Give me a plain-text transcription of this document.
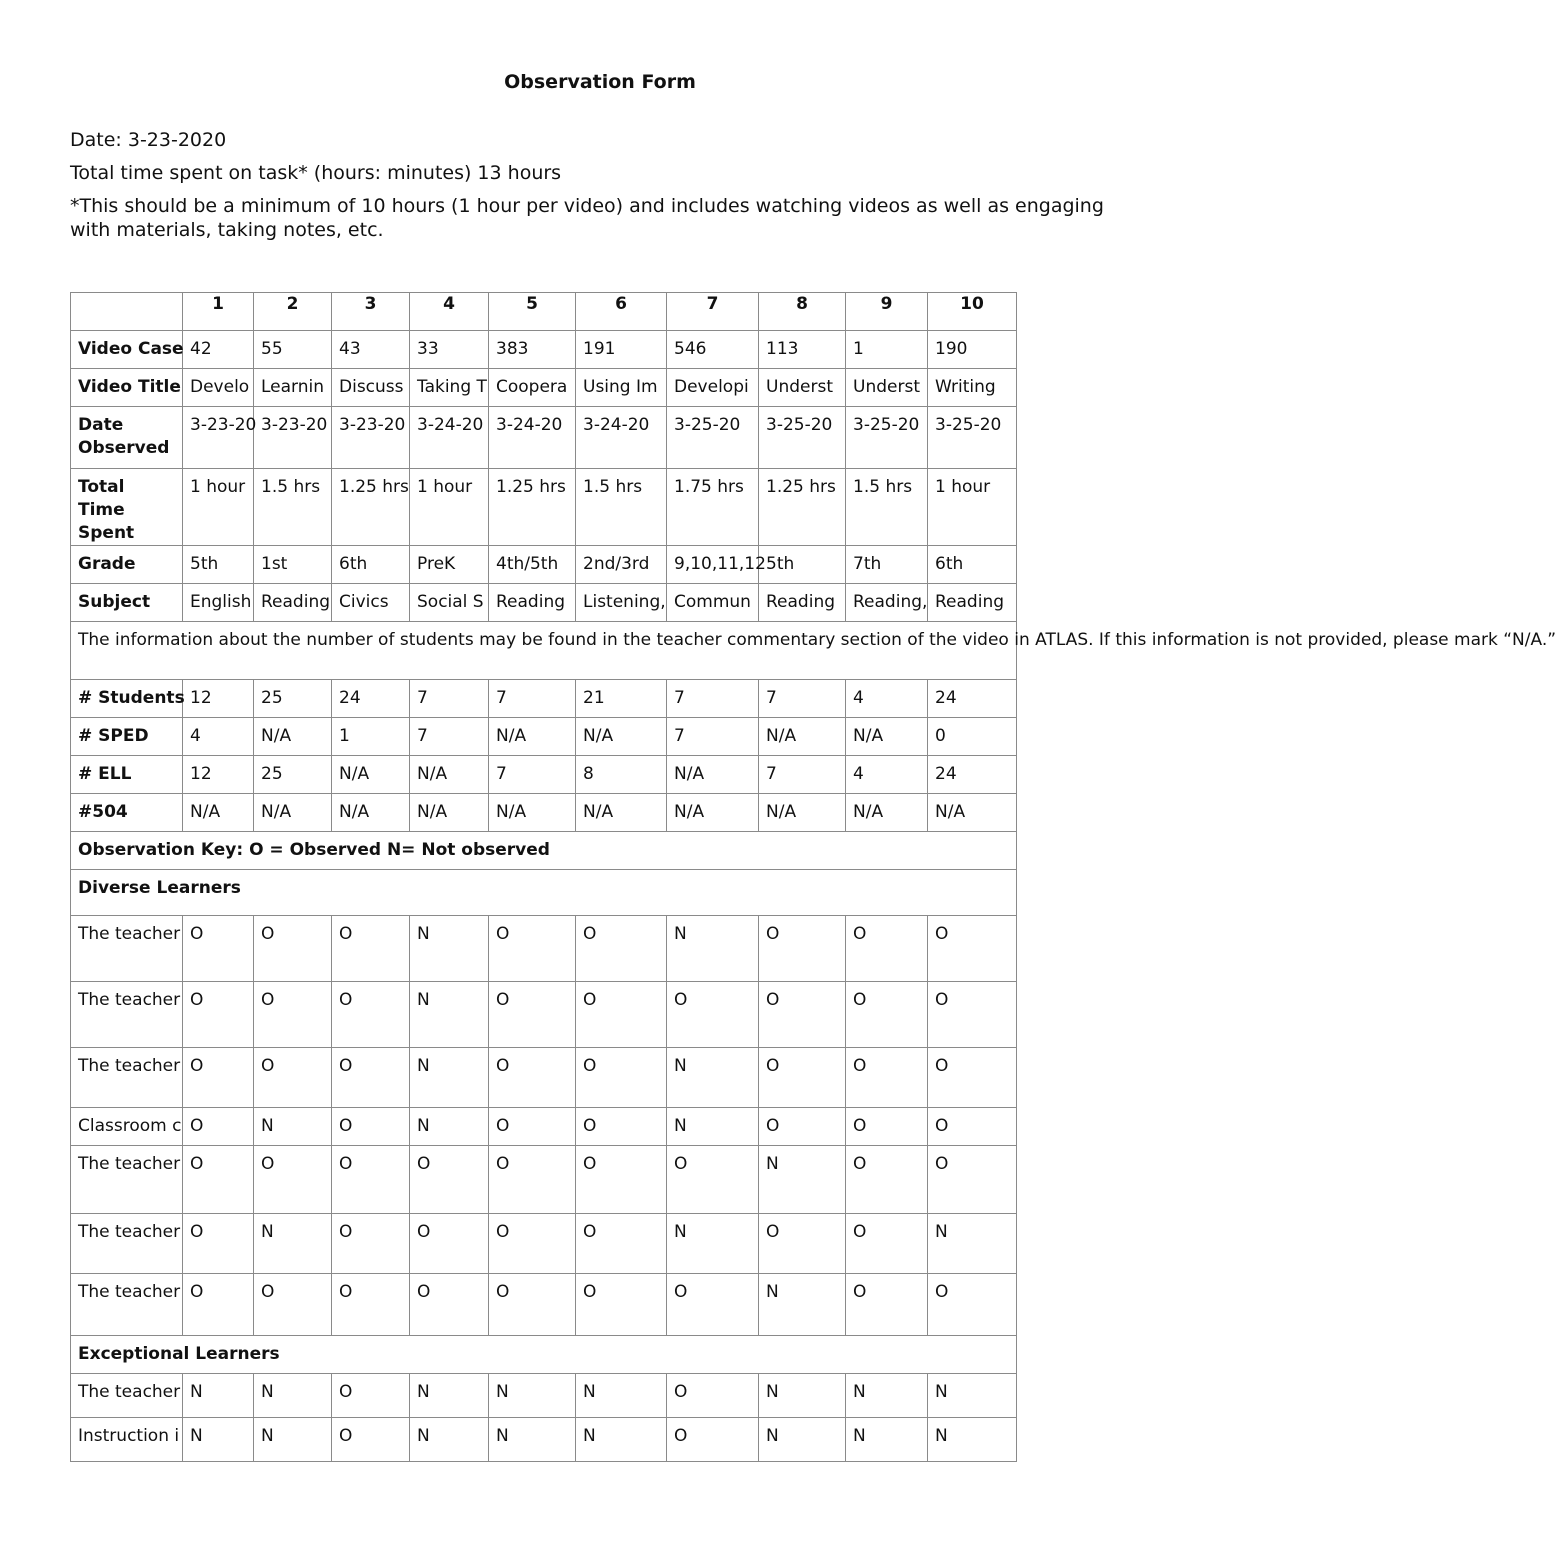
Observation Form

Date: 3-23-2020

Total time spent on task* (hours: minutes) 13 hours

*This should be a minimum of 10 hours (1 hour per video) and includes watching videos as well as engaging with materials, taking notes, etc.

	1	2	3	4	5	6	7	8	9	10
Video Case	42	55	43	33	383	191	546	113	1	190
Video Title	Develo	Learnin	Discuss	Taking T	Coopera	Using Im	Developi	Underst	Underst	Writing
Date Observed	3-23-20	3-23-20	3-23-20	3-24-20	3-24-20	3-24-20	3-25-20	3-25-20	3-25-20	3-25-20
Total Time Spent	1 hour	1.5 hrs	1.25 hrs	1 hour	1.25 hrs	1.5 hrs	1.75 hrs	1.25 hrs	1.5 hrs	1 hour
Grade	5th	1st	6th	PreK	4th/5th	2nd/3rd	9,10,11,12	5th	7th	6th
Subject	English	Reading	Civics	Social S	Reading	Listening,	Commun	Reading	Reading,	Reading
The information about the number of students may be found in the teacher commentary section of the video in ATLAS. If this information is not provided, please mark “N/A.”										
# Students	12	25	24	7	7	21	7	7	4	24
# SPED	4	N/A	1	7	N/A	N/A	7	N/A	N/A	0
# ELL	12	25	N/A	N/A	7	8	N/A	7	4	24
#504	N/A	N/A	N/A	N/A	N/A	N/A	N/A	N/A	N/A	N/A
Observation Key: O = Observed N= Not observed										
Diverse Learners										
The teacher	O	O	O	N	O	O	N	O	O	O
The teacher	O	O	O	N	O	O	O	O	O	O
The teacher	O	O	O	N	O	O	N	O	O	O
Classroom c	O	N	O	N	O	O	N	O	O	O
The teacher	O	O	O	O	O	O	O	N	O	O
The teacher	O	N	O	O	O	O	N	O	O	N
The teacher	O	O	O	O	O	O	O	N	O	O
Exceptional Learners										
The teacher	N	N	O	N	N	N	O	N	N	N
Instruction i	N	N	O	N	N	N	O	N	N	N
